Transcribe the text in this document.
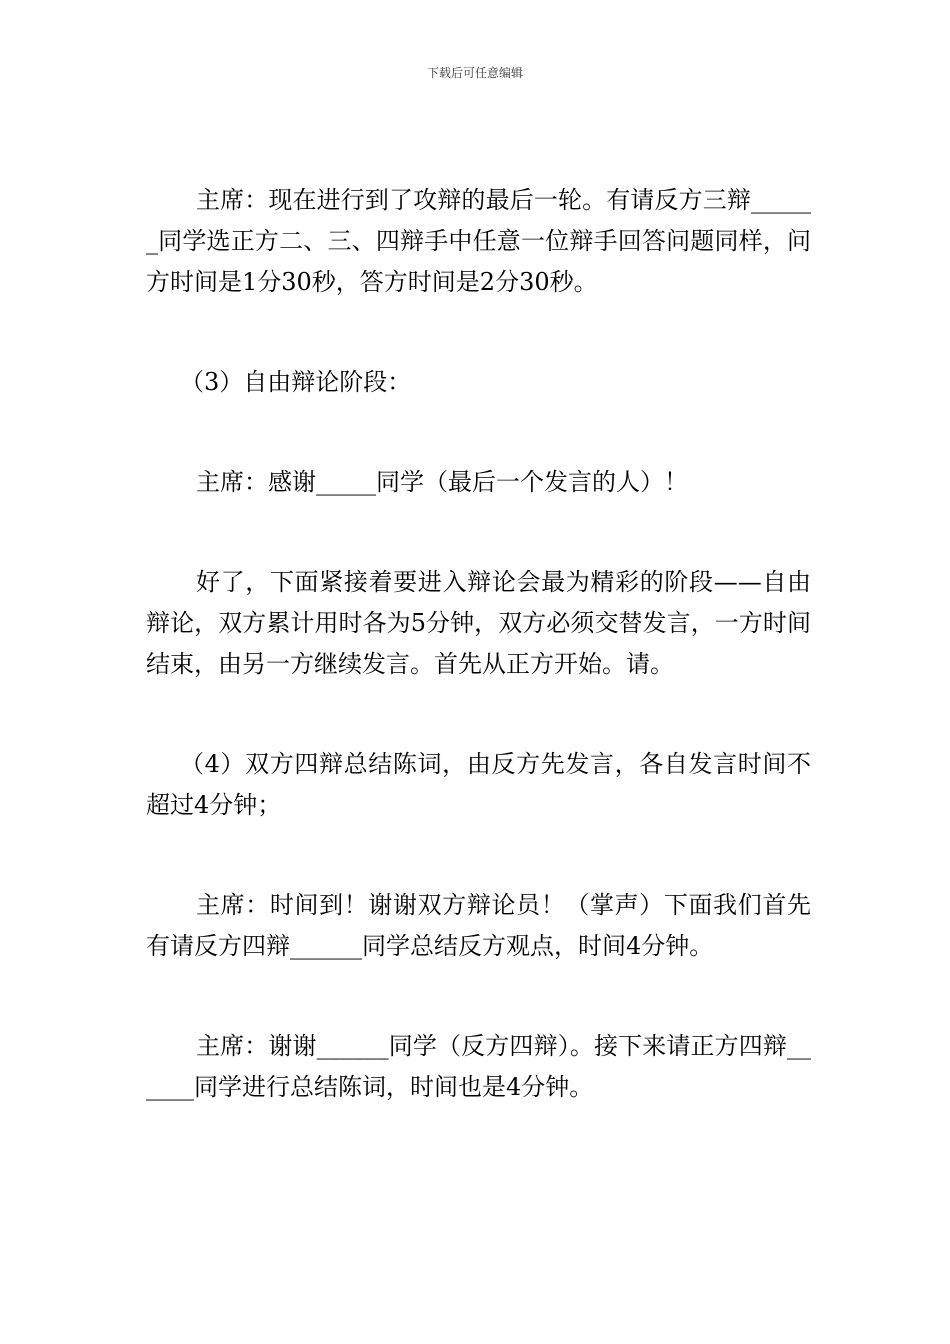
下载后可任意编辑

主席：现在进行到了攻辩的最后一轮。有请反方三辩______同学选正方二、三、四辩手中任意一位辩手回答问题同样，问方时间是1分30秒，答方时间是2分30秒。

（3）自由辩论阶段：

主席：感谢_____同学（最后一个发言的人）！

好了，下面紧接着要进入辩论会最为精彩的阶段——自由辩论，双方累计用时各为5分钟，双方必须交替发言，一方时间结束，由另一方继续发言。首先从正方开始。请。

（4）双方四辩总结陈词，由反方先发言，各自发言时间不超过4分钟；

主席：时间到！谢谢双方辩论员！（掌声）下面我们首先有请反方四辩______同学总结反方观点，时间4分钟。

主席：谢谢______同学（反方四辩）。接下来请正方四辩______同学进行总结陈词，时间也是4分钟。
